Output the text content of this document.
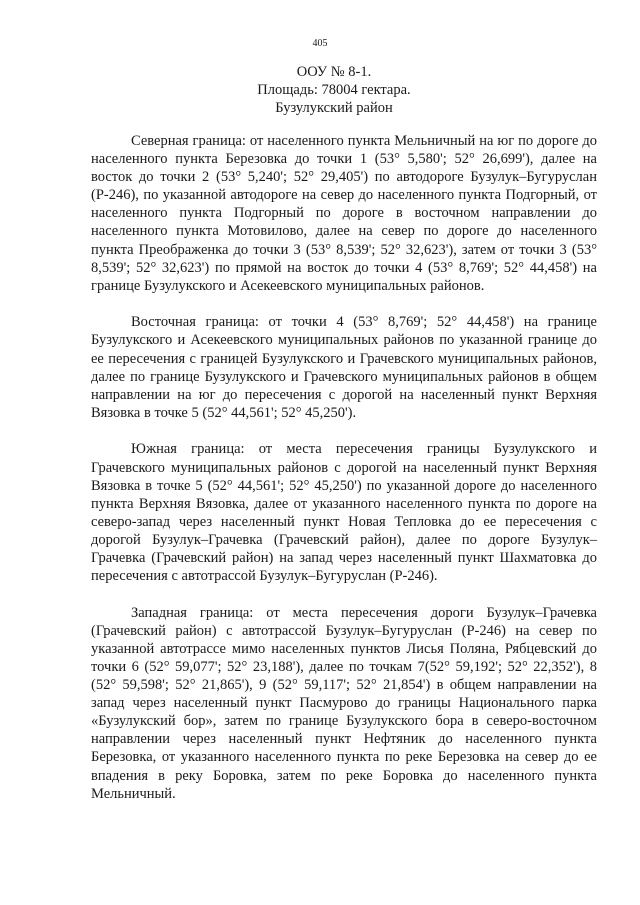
405
ООУ № 8-1.
Площадь: 78004 гектара.
Бузулукский район

Северная граница: от населенного пункта Мельничный на юг по дороге до населенного пункта Березовка до точки 1 (53° 5,580'; 52° 26,699'), далее на восток до точки 2 (53° 5,240'; 52° 29,405') по автодороге Бузулук–Бугуруслан (Р-246), по указанной автодороге на север до населенного пункта Подгорный, от населенного пункта Подгорный по дороге в восточном направлении до населенного пункта Мотовилово, далее на север по дороге до населенного пункта Преображенка до точки 3 (53° 8,539'; 52° 32,623'), затем от точки 3 (53° 8,539'; 52° 32,623') по прямой на восток до точки 4 (53° 8,769'; 52° 44,458') на границе Бузулукского и Асекеевского муниципальных районов.

Восточная граница: от точки 4 (53° 8,769'; 52° 44,458') на границе Бузулукского и Асекеевского муниципальных районов по указанной границе до ее пересечения с границей Бузулукского и Грачевского муниципальных районов, далее по границе Бузулукского и Грачевского муниципальных районов в общем направлении на юг до пересечения с дорогой на населенный пункт Верхняя Вязовка в точке 5 (52° 44,561'; 52° 45,250').

Южная граница: от места пересечения границы Бузулукского и Грачевского муниципальных районов с дорогой на населенный пункт Верхняя Вязовка в точке 5 (52° 44,561'; 52° 45,250') по указанной дороге до населенного пункта Верхняя Вязовка, далее от указанного населенного пункта по дороге на северо-запад через населенный пункт Новая Тепловка до ее пересечения с дорогой Бузулук–Грачевка (Грачевский район), далее по дороге Бузулук–Грачевка (Грачевский район) на запад через населенный пункт Шахматовка до пересечения с автотрассой Бузулук–Бугуруслан (Р-246).

Западная граница: от места пересечения дороги Бузулук–Грачевка (Грачевский район) с автотрассой Бузулук–Бугуруслан (Р-246) на север по указанной автотрассе мимо населенных пунктов Лисья Поляна, Рябцевский до точки 6 (52° 59,077'; 52° 23,188'), далее по точкам 7(52° 59,192'; 52° 22,352'), 8 (52° 59,598'; 52° 21,865'), 9 (52° 59,117'; 52° 21,854') в общем направлении на запад через населенный пункт Пасмурово до границы Национального парка «Бузулукский бор», затем по границе Бузулукского бора в северо-восточном направлении через населенный пункт Нефтяник до населенного пункта Березовка, от указанного населенного пункта по реке Березовка на север до ее впадения в реку Боровка, затем по реке Боровка до населенного пункта Мельничный.
